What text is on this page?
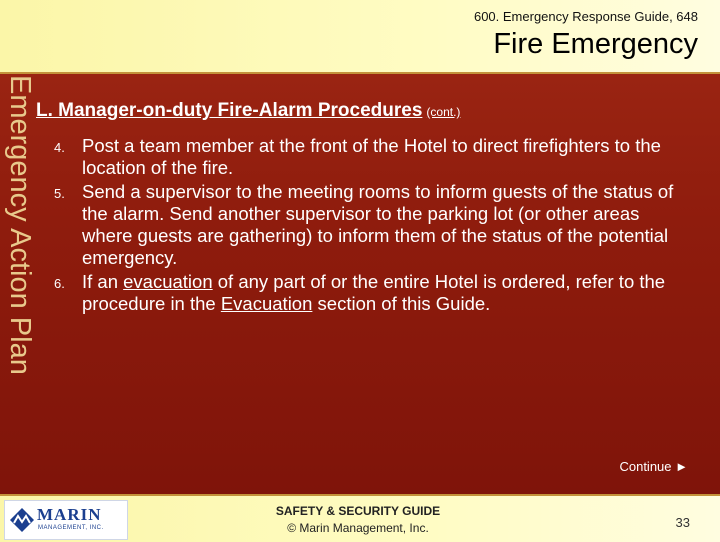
600. Emergency Response Guide, 648
Fire Emergency
Emergency Action Plan L. Manager-on-duty Fire-Alarm Procedures (cont.)
4. Post a team member at the front of the Hotel to direct firefighters to the location of the fire.
5. Send a supervisor to the meeting rooms to inform guests of the status of the alarm. Send another supervisor to the parking lot (or other areas where guests are gathering) to inform them of the status of the potential emergency.
6. If an evacuation of any part of or the entire Hotel is ordered, refer to the procedure in the Evacuation section of this Guide.
Continue ►
MARIN
MANAGEMENT, INC.
SAFETY & SECURITY GUIDE
© Marin Management, Inc.	33
